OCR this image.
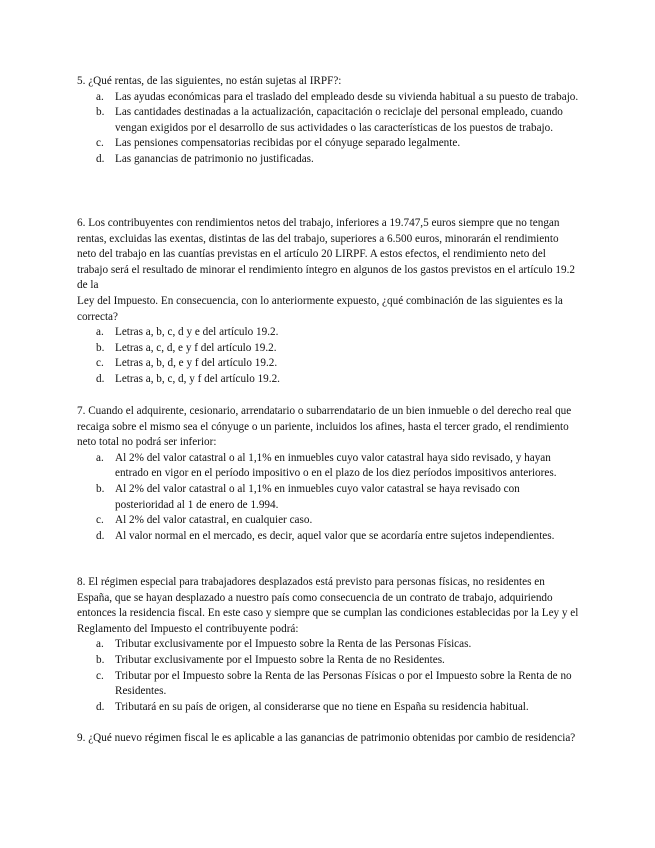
5. ¿Qué rentas, de las siguientes, no están sujetas al IRPF?:

a. Las ayudas económicas para el traslado del empleado desde su vivienda habitual a su puesto de trabajo.
b. Las cantidades destinadas a la actualización, capacitación o reciclaje del personal empleado, cuando vengan exigidos por el desarrollo de sus actividades o las características de los puestos de trabajo.
c. Las pensiones compensatorias recibidas por el cónyuge separado legalmente.
d. Las ganancias de patrimonio no justificadas.

6. Los contribuyentes con rendimientos netos del trabajo, inferiores a 19.747,5 euros siempre que no tengan rentas, excluidas las exentas, distintas de las del trabajo, superiores a 6.500 euros, minorarán el rendimiento neto del trabajo en las cuantías previstas en el artículo 20 LIRPF. A estos efectos, el rendimiento neto del trabajo será el resultado de minorar el rendimiento íntegro en algunos de los gastos previstos en el artículo 19.2 de la

Ley del Impuesto. En consecuencia, con lo anteriormente expuesto, ¿qué combinación de las siguientes es la correcta?

a. Letras a, b, c, d y e del artículo 19.2.
b. Letras a, c, d, e y f del artículo 19.2.
c. Letras a, b, d, e y f del artículo 19.2.
d. Letras a, b, c, d, y f del artículo 19.2.

7. Cuando el adquirente, cesionario, arrendatario o subarrendatario de un bien inmueble o del derecho real que recaiga sobre el mismo sea el cónyuge o un pariente, incluidos los afines, hasta el tercer grado, el rendimiento neto total no podrá ser inferior:

a. Al 2% del valor catastral o al 1,1% en inmuebles cuyo valor catastral haya sido revisado, y hayan entrado en vigor en el período impositivo o en el plazo de los diez períodos impositivos anteriores.
b. Al 2% del valor catastral o al 1,1% en inmuebles cuyo valor catastral se haya revisado con posterioridad al 1 de enero de 1.994.
c. Al 2% del valor catastral, en cualquier caso.
d. Al valor normal en el mercado, es decir, aquel valor que se acordaría entre sujetos independientes.

8. El régimen especial para trabajadores desplazados está previsto para personas físicas, no residentes en España, que se hayan desplazado a nuestro país como consecuencia de un contrato de trabajo, adquiriendo entonces la residencia fiscal. En este caso y siempre que se cumplan las condiciones establecidas por la Ley y el Reglamento del Impuesto el contribuyente podrá:

a. Tributar exclusivamente por el Impuesto sobre la Renta de las Personas Físicas.
b. Tributar exclusivamente por el Impuesto sobre la Renta de no Residentes.
c. Tributar por el Impuesto sobre la Renta de las Personas Físicas o por el Impuesto sobre la Renta de no Residentes.
d. Tributará en su país de origen, al considerarse que no tiene en España su residencia habitual.

9. ¿Qué nuevo régimen fiscal le es aplicable a las ganancias de patrimonio obtenidas por cambio de residencia?
